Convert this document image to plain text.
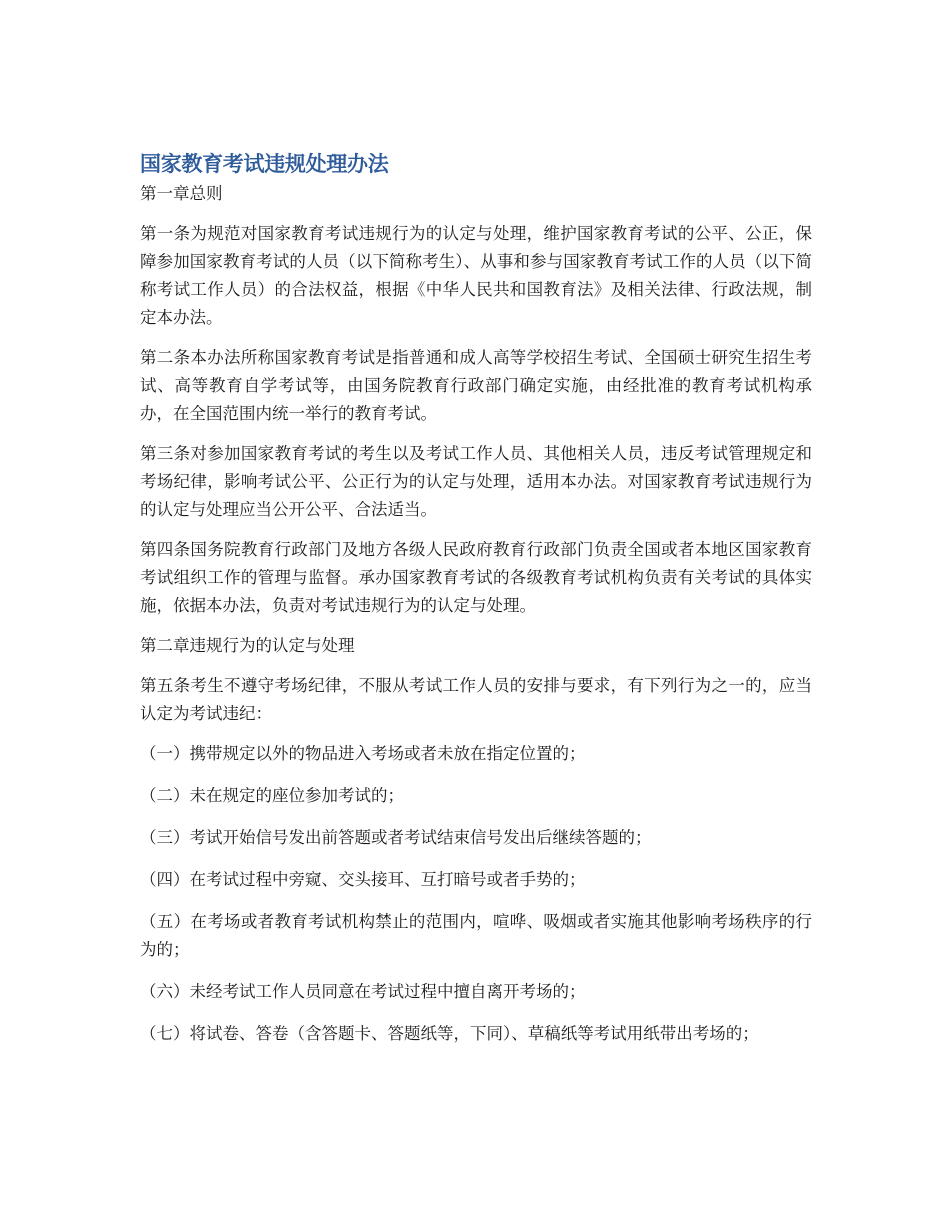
国家教育考试违规处理办法

第一章总则

第一条为规范对国家教育考试违规行为的认定与处理，维护国家教育考试的公平、公正，保障参加国家教育考试的人员（以下简称考生）、从事和参与国家教育考试工作的人员（以下简称考试工作人员）的合法权益，根据《中华人民共和国教育法》及相关法律、行政法规，制定本办法。

第二条本办法所称国家教育考试是指普通和成人高等学校招生考试、全国硕士研究生招生考试、高等教育自学考试等，由国务院教育行政部门确定实施，由经批准的教育考试机构承办，在全国范围内统一举行的教育考试。

第三条对参加国家教育考试的考生以及考试工作人员、其他相关人员，违反考试管理规定和考场纪律，影响考试公平、公正行为的认定与处理，适用本办法。对国家教育考试违规行为的认定与处理应当公开公平、合法适当。

第四条国务院教育行政部门及地方各级人民政府教育行政部门负责全国或者本地区国家教育考试组织工作的管理与监督。承办国家教育考试的各级教育考试机构负责有关考试的具体实施，依据本办法，负责对考试违规行为的认定与处理。

第二章违规行为的认定与处理

第五条考生不遵守考场纪律，不服从考试工作人员的安排与要求，有下列行为之一的，应当认定为考试违纪：

（一）携带规定以外的物品进入考场或者未放在指定位置的；

（二）未在规定的座位参加考试的；

（三）考试开始信号发出前答题或者考试结束信号发出后继续答题的；

（四）在考试过程中旁窥、交头接耳、互打暗号或者手势的；

（五）在考场或者教育考试机构禁止的范围内，喧哗、吸烟或者实施其他影响考场秩序的行为的；

（六）未经考试工作人员同意在考试过程中擅自离开考场的；

（七）将试卷、答卷（含答题卡、答题纸等，下同）、草稿纸等考试用纸带出考场的；
